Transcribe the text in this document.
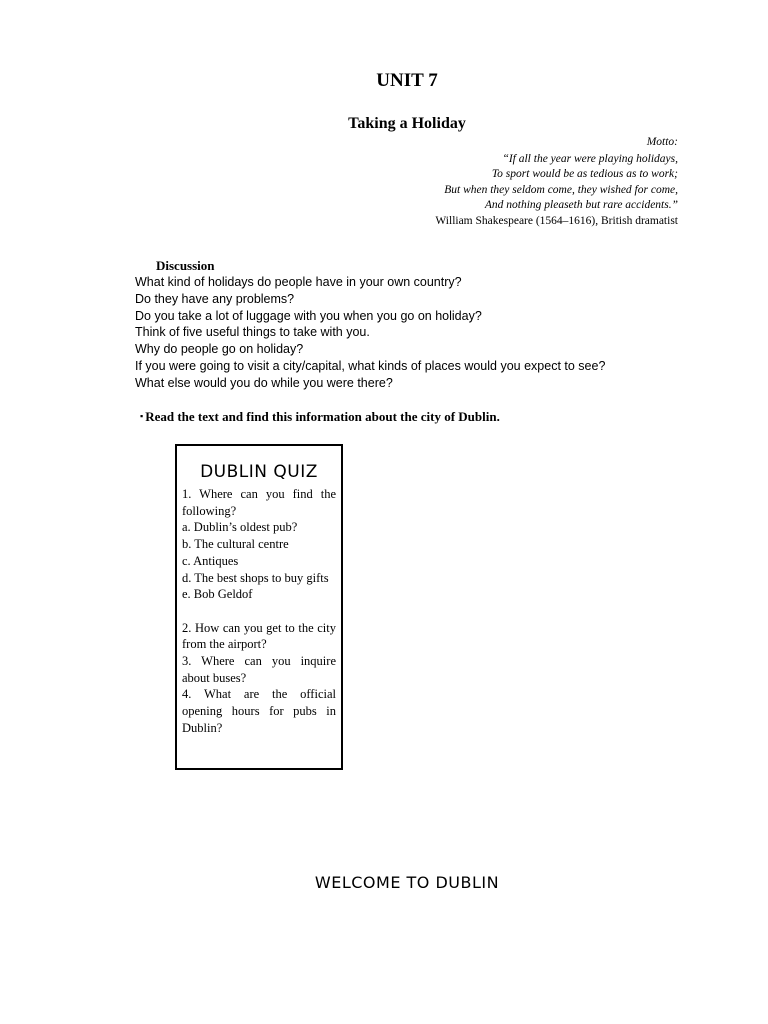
UNIT 7
Taking a Holiday
Motto:
“If all the year were playing holidays,
To sport would be as tedious as to work;
But when they seldom come, they wished for come,
And nothing pleaseth but rare accidents.”
William Shakespeare (1564–1616), British dramatist
Discussion
What kind of holidays do people have in your own country?
Do they have any problems?
Do you take a lot of luggage with you when you go on holiday?
Think of five useful things to take with you.
Why do people go on holiday?
If you were going to visit a city/capital, what kinds of places would you expect to see?
What else would you do while you were there?
▪ Read the text and find this information about the city of Dublin.
DUBLIN QUIZ
1. Where can you find the following?
a. Dublin’s oldest pub?
b. The cultural centre
c. Antiques
d. The best shops to buy gifts
e. Bob Geldof
2. How can you get to the city from the airport?
3. Where can you inquire about buses?
4. What are the official opening hours for pubs in Dublin?
WELCOME TO DUBLIN
